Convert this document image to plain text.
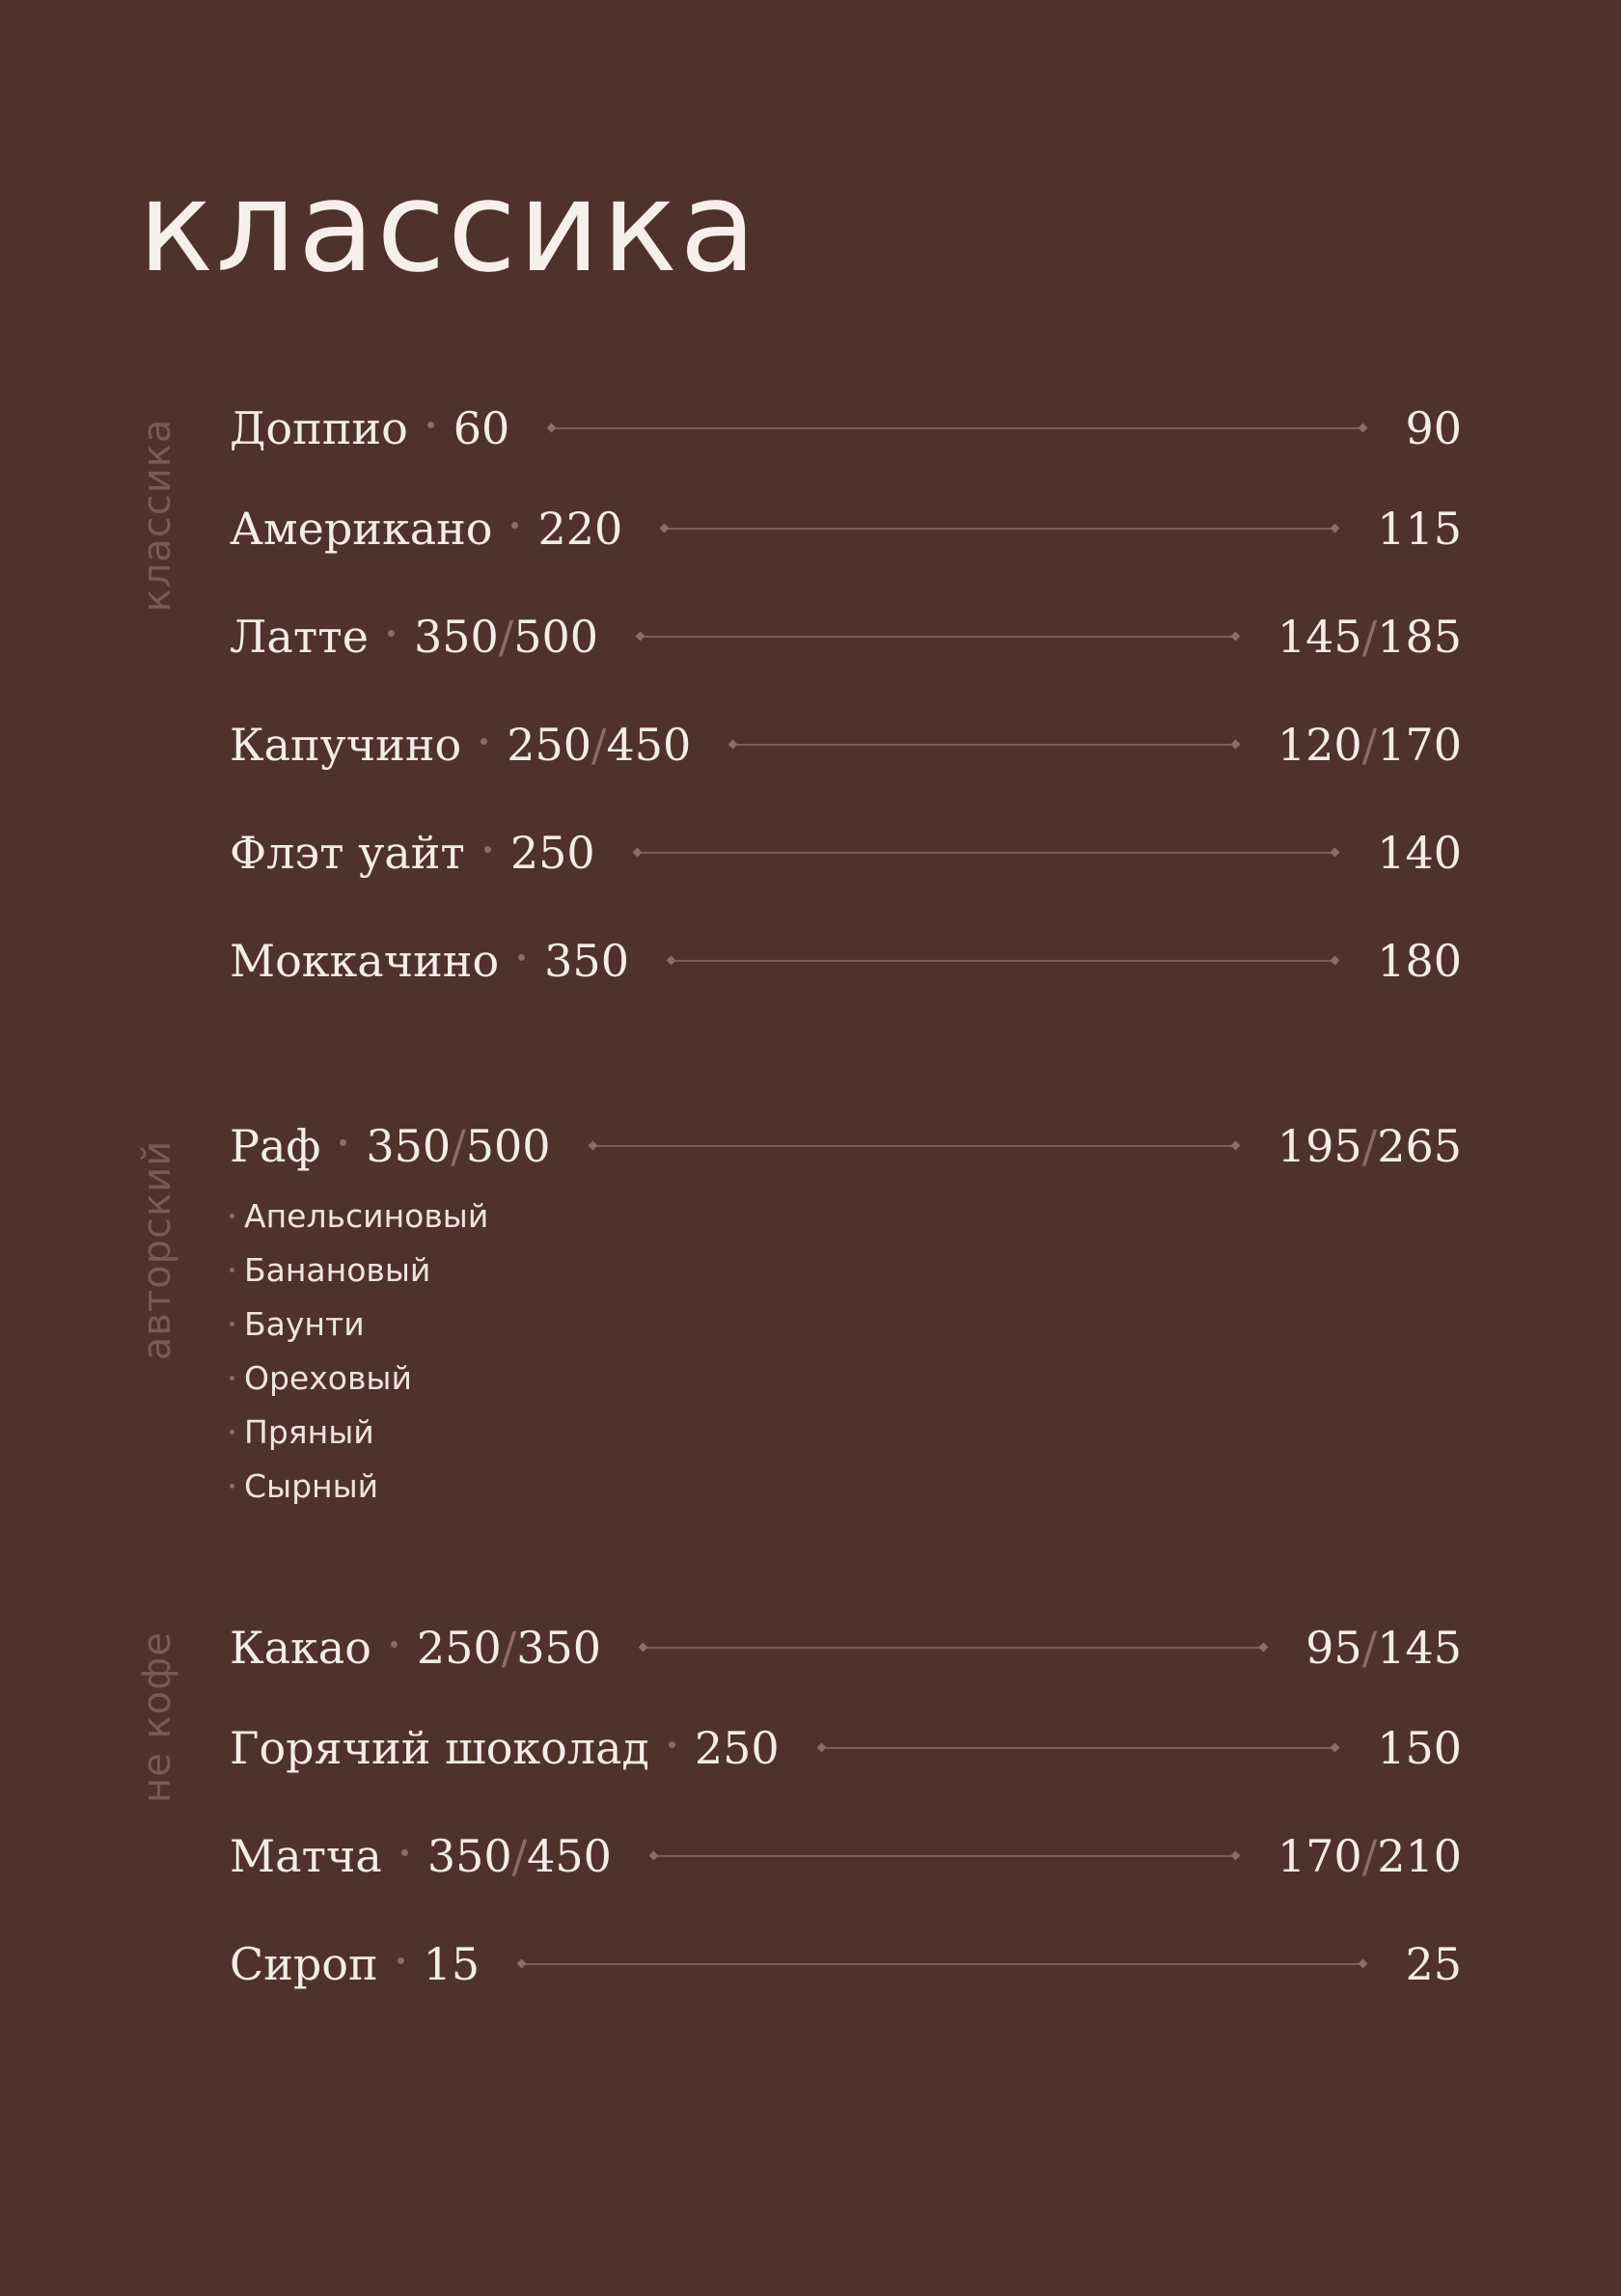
классика
классика
авторский
не кофе
Доппио 60	90
Американо 220	115
Латте 350/500	145/185
Капучино 250/450	120/170
Флэт уайт 250	140
Моккачино 350	180
Раф 350/500	195/265
Апельсиновый
Банановый
Баунти
Ореховый
Пряный
Сырный
Какао 250/350	95/145
Горячий шоколад 250	150
Матча 350/450	170/210
Сироп 15	25
